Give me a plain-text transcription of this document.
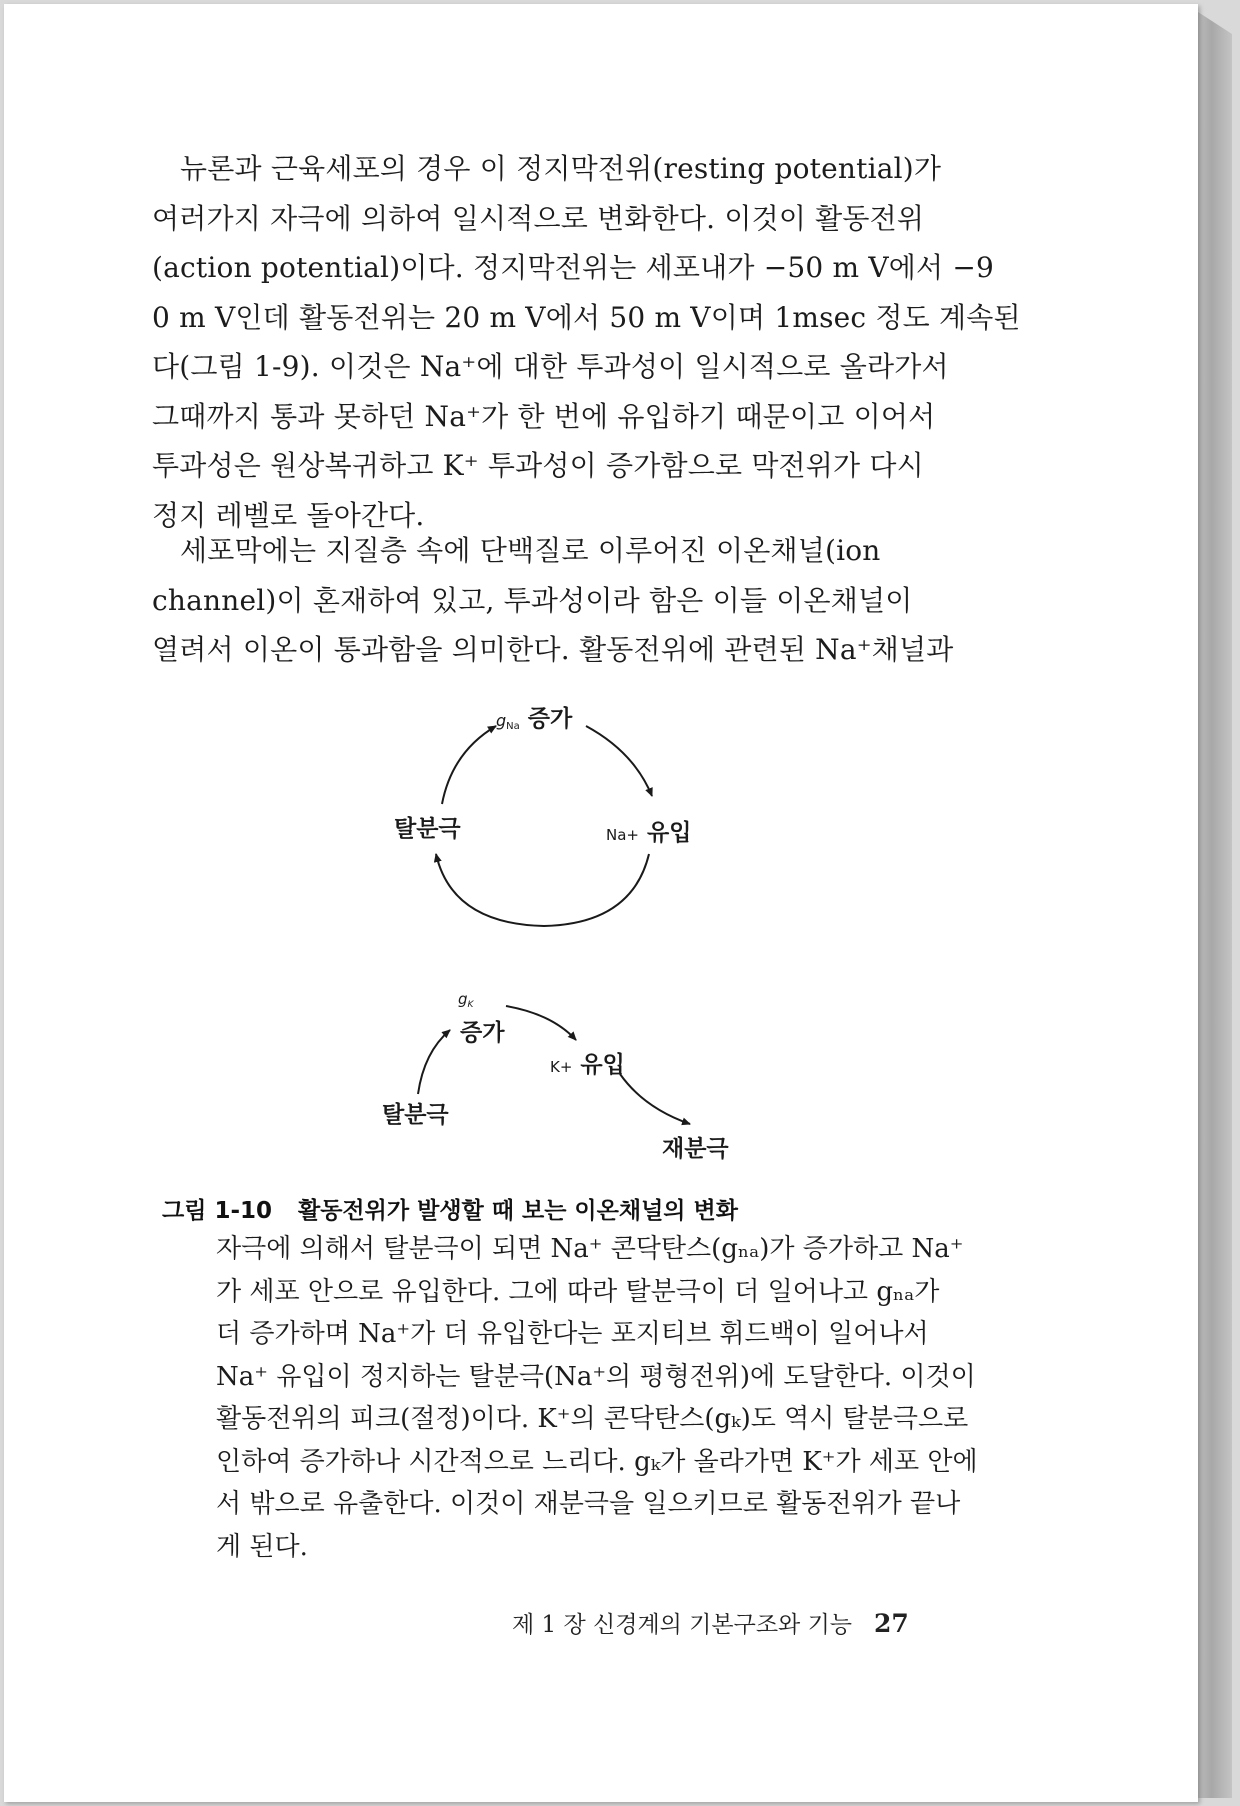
뉴론과 근육세포의 경우 이 정지막전위(resting potential)가
여러가지 자극에 의하여 일시적으로 변화한다. 이것이 활동전위
(action potential)이다. 정지막전위는 세포내가 −50 m V에서 −9
0 m V인데 활동전위는 20 m V에서 50 m V이며 1msec 정도 계속된
다(그림 1-9). 이것은 Na⁺에 대한 투과성이 일시적으로 올라가서
그때까지 통과 못하던 Na⁺가 한 번에 유입하기 때문이고 이어서
투과성은 원상복귀하고 K⁺ 투과성이 증가함으로 막전위가 다시
정지 레벨로 돌아간다.

세포막에는 지질층 속에 단백질로 이루어진 이온채널(ion
channel)이 혼재하여 있고, 투과성이라 함은 이들 이온채널이
열려서 이온이 통과함을 의미한다. 활동전위에 관련된 Na⁺채널과

gNa 증가
탈분극	Na+ 유입
$g_K$
증가
K+ 유입
탈분극
재분극
그림 1-10 활동전위가 발생할 때 보는 이온채널의 변화
자극에 의해서 탈분극이 되면 Na⁺ 콘닥탄스(gₙₐ)가 증가하고 Na⁺
가 세포 안으로 유입한다. 그에 따라 탈분극이 더 일어나고 gₙₐ가
더 증가하며 Na⁺가 더 유입한다는 포지티브 휘드백이 일어나서
Na⁺ 유입이 정지하는 탈분극(Na⁺의 평형전위)에 도달한다. 이것이
활동전위의 피크(절정)이다. K⁺의 콘닥탄스(gₖ)도 역시 탈분극으로
인하여 증가하나 시간적으로 느리다. gₖ가 올라가면 K⁺가 세포 안에
서 밖으로 유출한다. 이것이 재분극을 일으키므로 활동전위가 끝나
게 된다.
제 1 장 신경계의 기본구조와 기능 27
